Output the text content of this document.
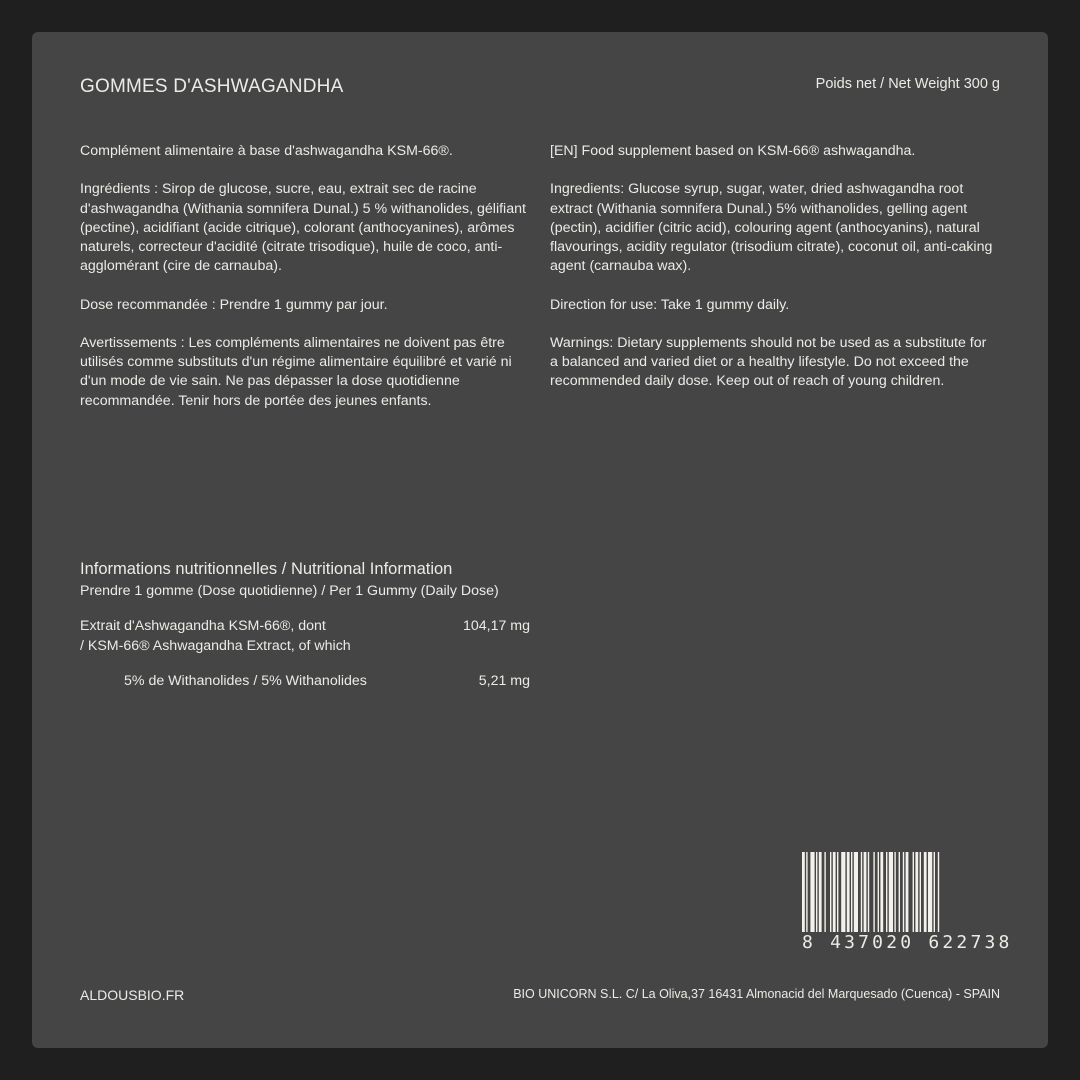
GOMMES D'ASHWAGANDHA	Poids net / Net Weight 300 g

Complément alimentaire à base d'ashwagandha KSM-66®.

Ingrédients : Sirop de glucose, sucre, eau, extrait sec de racine d'ashwagandha (Withania somnifera Dunal.) 5 % withanolides, gélifiant (pectine), acidifiant (acide citrique), colorant (anthocyanines), arômes naturels, correcteur d'acidité (citrate trisodique), huile de coco, anti-agglomérant (cire de carnauba).

Dose recommandée : Prendre 1 gummy par jour.

Avertissements : Les compléments alimentaires ne doivent pas être utilisés comme substituts d'un régime alimentaire équilibré et varié ni d'un mode de vie sain. Ne pas dépasser la dose quotidienne recommandée. Tenir hors de portée des jeunes enfants.

[EN] Food supplement based on KSM-66® ashwagandha.

Ingredients: Glucose syrup, sugar, water, dried ashwagandha root extract (Withania somnifera Dunal.) 5% withanolides, gelling agent (pectin), acidifier (citric acid), colouring agent (anthocyanins), natural flavourings, acidity regulator (trisodium citrate), coconut oil, anti-caking agent (carnauba wax).

Direction for use: Take 1 gummy daily.

Warnings: Dietary supplements should not be used as a substitute for a balanced and varied diet or a healthy lifestyle. Do not exceed the recommended daily dose. Keep out of reach of young children.

Informations nutritionnelles / Nutritional Information

Prendre 1 gomme (Dose quotidienne) / Per 1 Gummy (Daily Dose)

Extrait d'Ashwagandha KSM-66®, dont
/ KSM-66® Ashwagandha Extract, of which
104,17 mg
5% de Withanolides / 5% Withanolides	5,21 mg
8 437020 622738
ALDOUSBIO.FR	BIO UNICORN S.L. C/ La Oliva,37 16431 Almonacid del Marquesado (Cuenca) - SPAIN
